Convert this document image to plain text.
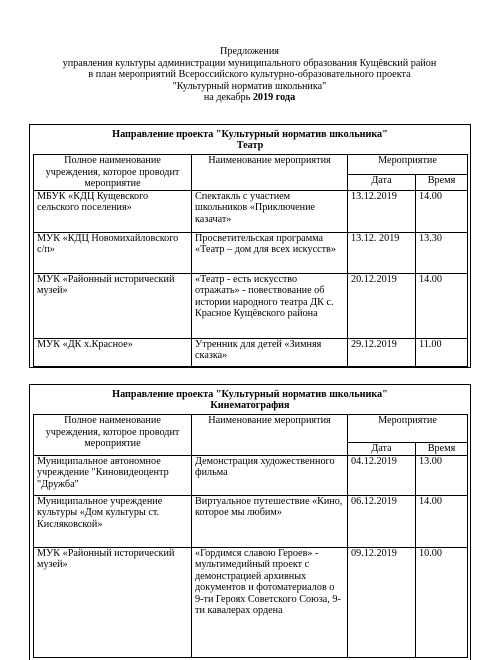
Предложения
управления культуры администрации муниципального образования Кущёвский район
в план мероприятий Всероссийского культурно-образовательного проекта
"Культурный норматив школьника"
на декабрь 2019 года
Направление проекта "Культурный норматив школьника"
Театр
Полное наименование учреждения, которое проводит мероприятие	Наименование мероприятия	Мероприятие	
		Дата	Время
МБУК «КДЦ Кущевского сельского поселения»	Спектакль с участием школьников «Приключение казачат»	13.12.2019	14.00
МУК «КДЦ Новомихайловского с/п»	Просветительская программа «Театр – дом для всех искусств»	13.12. 2019	13.30
МУК «Районный исторический музей»	«Театр - есть искусство отражать» - повествование об истории народного театра ДК с. Красное Кущёвского района	20.12.2019	14.00
МУК «ДК х.Красное»	Утренник для детей «Зимняя сказка»	29.12.2019	11.00
Направление проекта "Культурный норматив школьника"
Кинематография
Полное наименование учреждения, которое проводит мероприятие	Наименование мероприятия	Мероприятие	
		Дата	Время
Муниципальное автономное учреждение "Киновидеоцентр "Дружба"	Демонстрация художественного фильма	04.12.2019	13.00
Муниципальное учреждение культуры «Дом культуры ст. Кисляковской»	Виртуальное путешествие «Кино, которое мы любим»	06.12.2019	14.00
МУК «Районный исторический музей»	«Гордимся славою Героев» - мультимедийный проект с демонстрацией архивных документов и фотоматериалов о 9-ти Героях Советского Союза, 9-ти кавалерах ордена	09.12.2019	10.00
